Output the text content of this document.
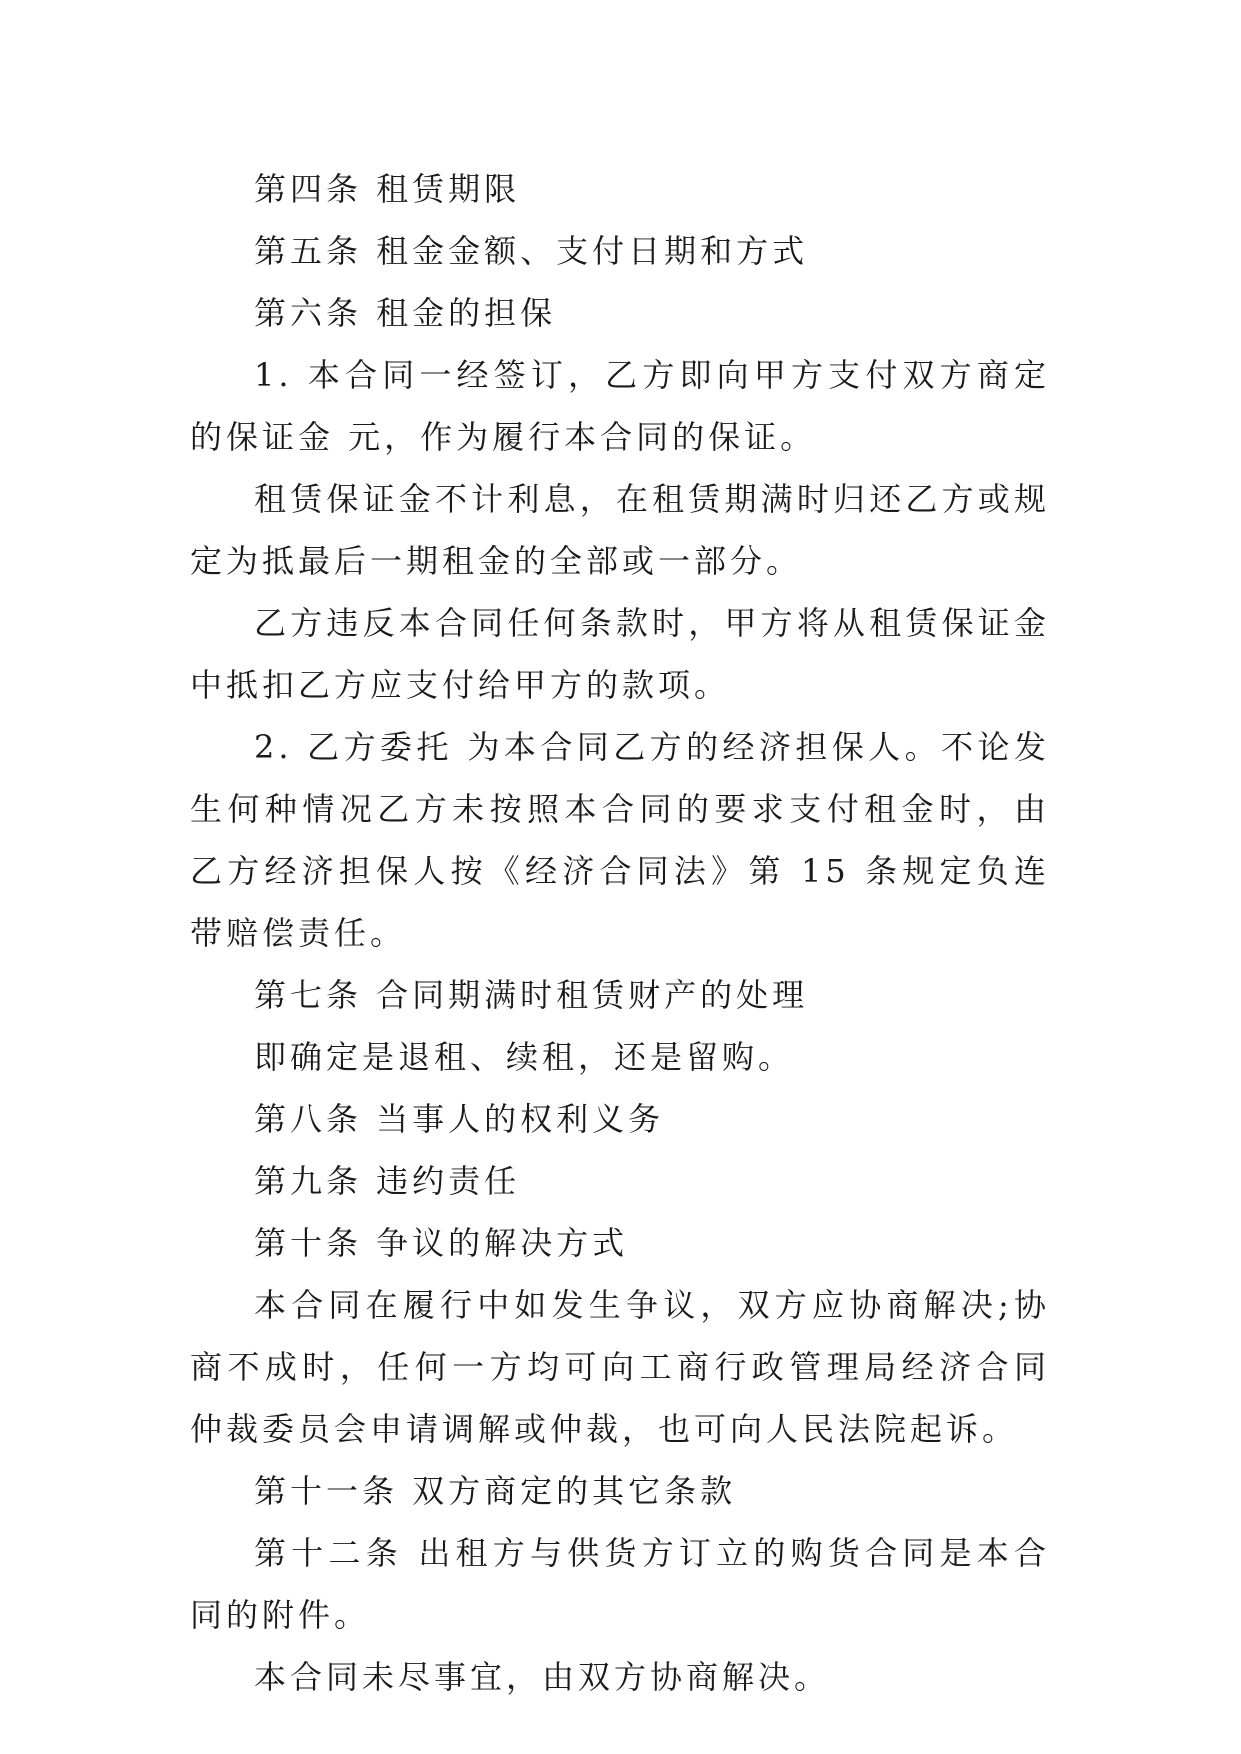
第四条 租赁期限

第五条 租金金额、支付日期和方式

第六条 租金的担保

1. 本合同一经签订，乙方即向甲方支付双方商定的保证金 元，作为履行本合同的保证。

租赁保证金不计利息，在租赁期满时归还乙方或规定为抵最后一期租金的全部或一部分。

乙方违反本合同任何条款时，甲方将从租赁保证金中抵扣乙方应支付给甲方的款项。

2. 乙方委托 为本合同乙方的经济担保人。不论发生何种情况乙方未按照本合同的要求支付租金时，由乙方经济担保人按《经济合同法》第 15 条规定负连带赔偿责任。

第七条 合同期满时租赁财产的处理

即确定是退租、续租，还是留购。

第八条 当事人的权利义务

第九条 违约责任

第十条 争议的解决方式

本合同在履行中如发生争议，双方应协商解决;协商不成时，任何一方均可向工商行政管理局经济合同仲裁委员会申请调解或仲裁，也可向人民法院起诉。

第十一条 双方商定的其它条款

第十二条 出租方与供货方订立的购货合同是本合同的附件。

本合同未尽事宜，由双方协商解决。
